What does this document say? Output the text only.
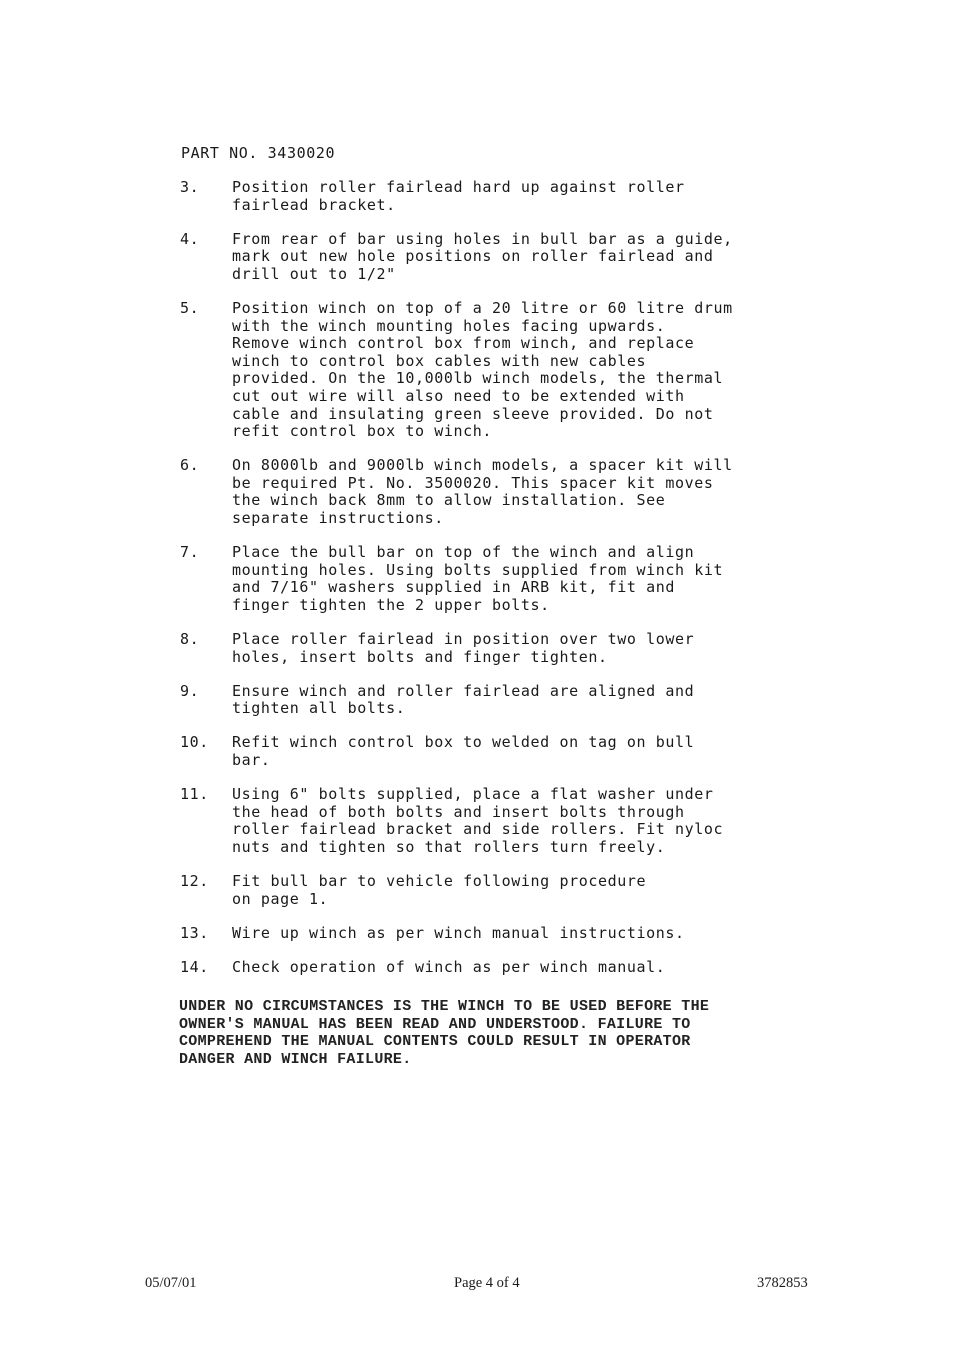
PART NO. 3430020

3.	Position roller fairlead hard up against roller
fairlead bracket.
4.	From rear of bar using holes in bull bar as a guide,
mark out new hole positions on roller fairlead and
drill out to 1/2"
5.	Position winch on top of a 20 litre or 60 litre drum
with the winch mounting holes facing upwards.
Remove winch control box from winch, and replace
winch to control box cables with new cables
provided. On the 10,000lb winch models, the thermal
cut out wire will also need to be extended with
cable and insulating green sleeve provided. Do not
refit control box to winch.
6.	On 8000lb and 9000lb winch models, a spacer kit will
be required Pt. No. 3500020. This spacer kit moves
the winch back 8mm to allow installation. See
separate instructions.
7.	Place the bull bar on top of the winch and align
mounting holes. Using bolts supplied from winch kit
and 7/16" washers supplied in ARB kit, fit and
finger tighten the 2 upper bolts.
8.	Place roller fairlead in position over two lower
holes, insert bolts and finger tighten.
9.	Ensure winch and roller fairlead are aligned and
tighten all bolts.
10.	Refit winch control box to welded on tag on bull
bar.
11.	Using 6" bolts supplied, place a flat washer under
the head of both bolts and insert bolts through
roller fairlead bracket and side rollers. Fit nyloc
nuts and tighten so that rollers turn freely.
12.	Fit bull bar to vehicle following procedure
on page 1.
13.	Wire up winch as per winch manual instructions.
14.	Check operation of winch as per winch manual.

UNDER NO CIRCUMSTANCES IS THE WINCH TO BE USED BEFORE THE
OWNER'S MANUAL HAS BEEN READ AND UNDERSTOOD. FAILURE TO
COMPREHEND THE MANUAL CONTENTS COULD RESULT IN OPERATOR
DANGER AND WINCH FAILURE.

05/07/01	Page 4 of 4	3782853
